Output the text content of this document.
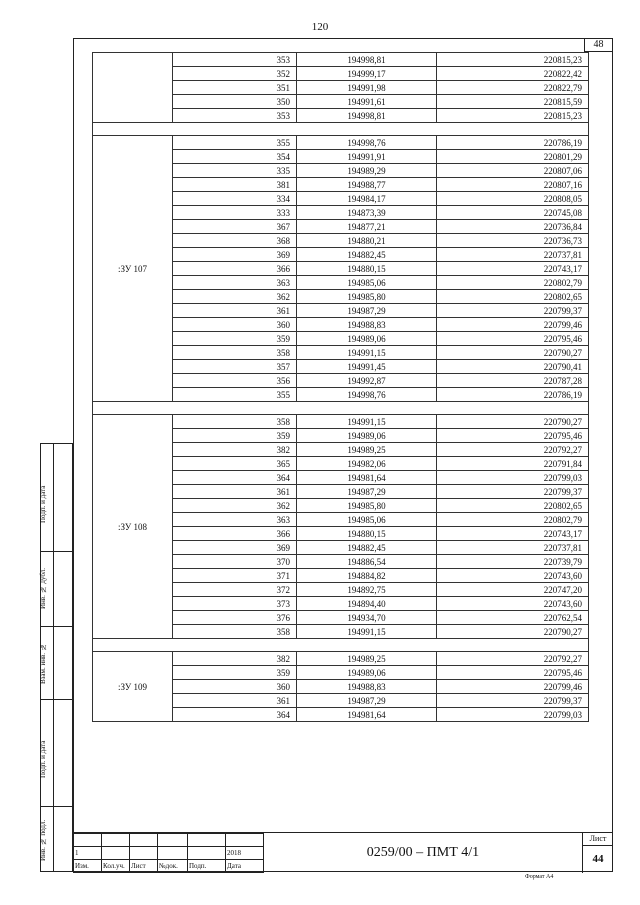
120
48
	353	194998,81	220815,23
	352	194999,17	220822,42
	351	194991,98	220822,79
	350	194991,61	220815,59
	353	194998,81	220815,23

:ЗУ 107	355	194998,76	220786,19
	354	194991,91	220801,29
	335	194989,29	220807,06
	381	194988,77	220807,16
	334	194984,17	220808,05
	333	194873,39	220745,08
	367	194877,21	220736,84
	368	194880,21	220736,73
	369	194882,45	220737,81
	366	194880,15	220743,17
	363	194985,06	220802,79
	362	194985,80	220802,65
	361	194987,29	220799,37
	360	194988,83	220799,46
	359	194989,06	220795,46
	358	194991,15	220790,27
	357	194991,45	220790,41
	356	194992,87	220787,28
	355	194998,76	220786,19

:ЗУ 108	358	194991,15	220790,27
	359	194989,06	220795,46
	382	194989,25	220792,27
	365	194982,06	220791,84
	364	194981,64	220799,03
	361	194987,29	220799,37
	362	194985,80	220802,65
	363	194985,06	220802,79
	366	194880,15	220743,17
	369	194882,45	220737,81
	370	194886,54	220739,79
	371	194884,82	220743,60
	372	194892,75	220747,20
	373	194894,40	220743,60
	376	194934,70	220762,54
	358	194991,15	220790,27

:ЗУ 109	382	194989,25	220792,27
	359	194989,06	220795,46
	360	194988,83	220799,46
	361	194987,29	220799,37
	364	194981,64	220799,03
Подп. и дата
Инв. № дубл.
Взам. инв. №
Подп. и дата
Инв. № подл.
						1					2018
Изм.	Кол.уч.	Лист	№док.	Подп.	Дата
0259/00 – ПМТ 4/1
Лист
44
Формат А4
